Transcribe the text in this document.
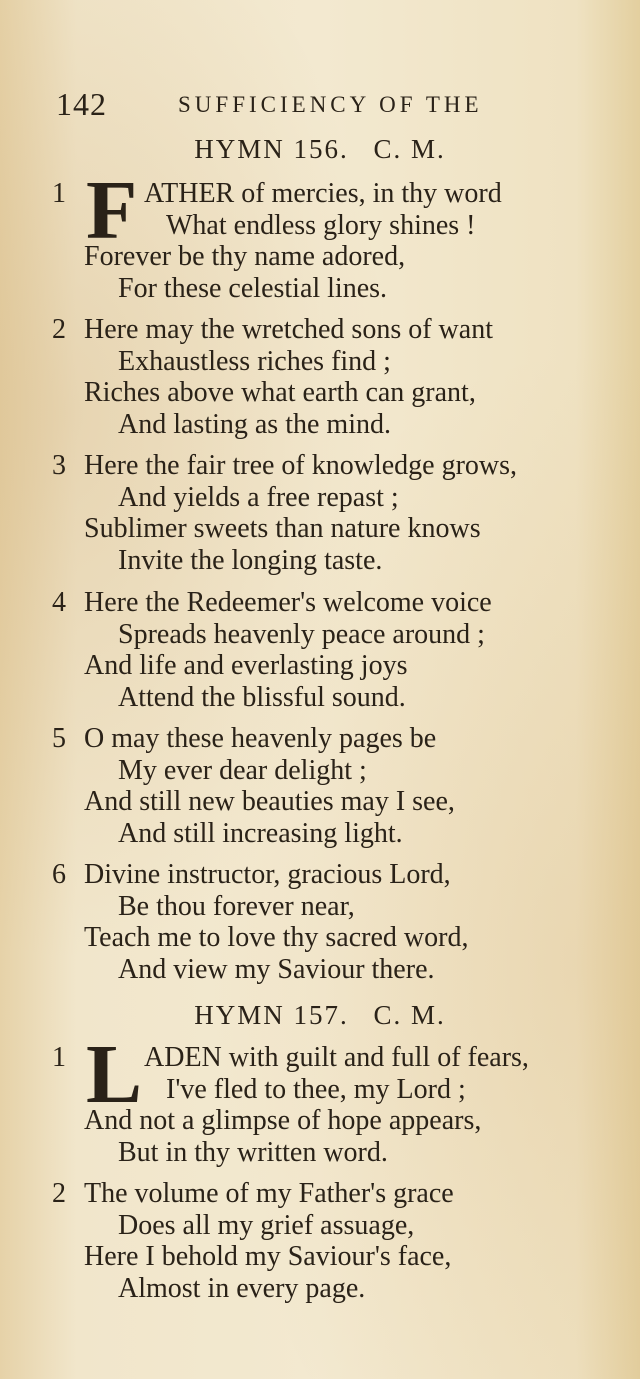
142	SUFFICIENCY OF THE
HYMN 156. C. M.
1 F ATHER of mercies, in thy word
What endless glory shines !
Forever be thy name adored,
For these celestial lines.
2 Here may the wretched sons of want
Exhaustless riches find ;
Riches above what earth can grant,
And lasting as the mind.
3 Here the fair tree of knowledge grows,
And yields a free repast ;
Sublimer sweets than nature knows
Invite the longing taste.
4 Here the Redeemer's welcome voice
Spreads heavenly peace around ;
And life and everlasting joys
Attend the blissful sound.
5 O may these heavenly pages be
My ever dear delight ;
And still new beauties may I see,
And still increasing light.
6 Divine instructor, gracious Lord,
Be thou forever near,
Teach me to love thy sacred word,
And view my Saviour there.
HYMN 157. C. M.
1 L ADEN with guilt and full of fears,
I've fled to thee, my Lord ;
And not a glimpse of hope appears,
But in thy written word.
2 The volume of my Father's grace
Does all my grief assuage,
Here I behold my Saviour's face,
Almost in every page.
